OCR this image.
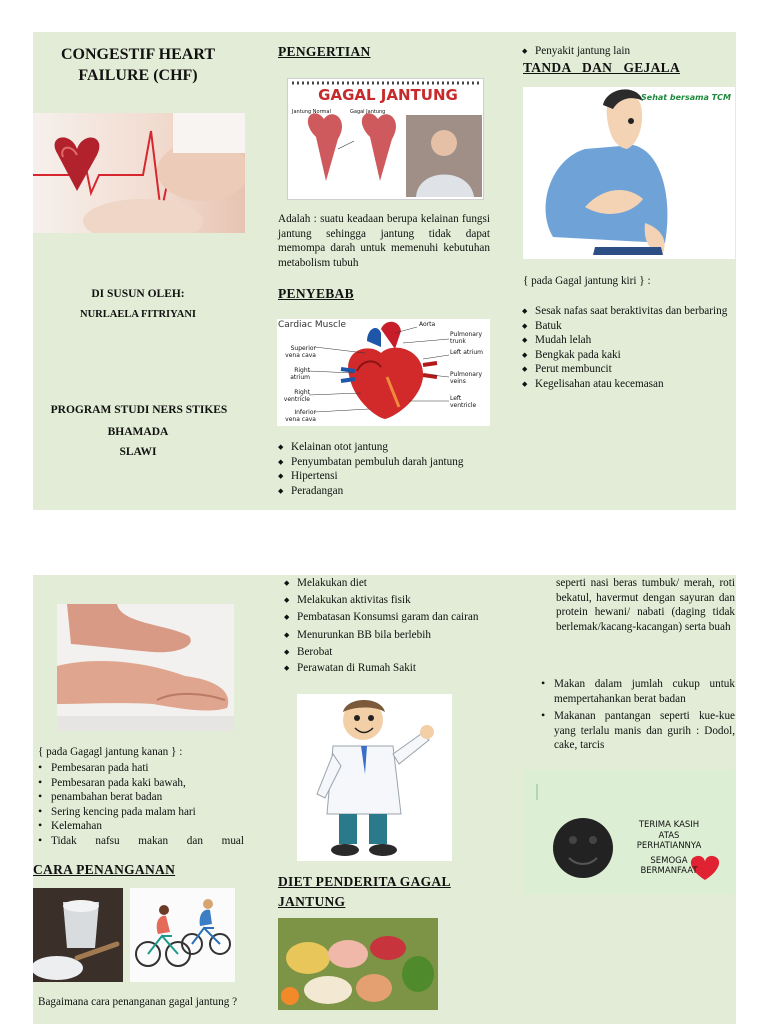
CONGESTIF HEART FAILURE (CHF)
DI SUSUN OLEH:
NURLAELA FITRIYANI
PROGRAM STUDI NERS STIKES
BHAMADA
SLAWI
PENGERTIAN
GAGAL JANTUNG
Jantung Normal	Gagal Jantung
Adalah : suatu keadaan berupa kelainan fungsi jantung sehingga jantung tidak dapat memompa darah untuk memenuhi kebutuhan metabolism tubuh
PENYEBAB
Cardiac Muscle	Aorta
Pulmonary trunk
Left atrium
Pulmonary veins
Left ventricle
Superior vena cava
Right atrium
Right ventricle
Inferior vena cava
◆ Kelainan otot jantung
◆ Penyumbatan pembuluh darah jantung
◆ Hipertensi
◆ Peradangan
◆ Penyakit jantung lain
TANDA DAN GEJALA
Sehat bersama TCM
{ pada Gagal jantung kiri } :
◆ Sesak nafas saat beraktivitas dan berbaring
◆ Batuk
◆ Mudah lelah
◆ Bengkak pada kaki
◆ Perut membuncit
◆ Kegelisahan atau kecemasan
{ pada Gagagl jantung kanan } :
• Pembesaran pada hati
• Pembesaran pada kaki bawah,
• penambahan berat badan
• Sering kencing pada malam hari
• Kelemahan
• Tidak nafsu makan dan mual
CARA PENANGANAN
Bagaimana cara penanganan gagal jantung ?
◆ Melakukan diet
◆ Melakukan aktivitas fisik
◆ Pembatasan Konsumsi garam dan cairan
◆ Menurunkan BB bila berlebih
◆ Berobat
◆ Perawatan di Rumah Sakit
DIET PENDERITA GAGAL JANTUNG
seperti nasi beras tumbuk/ merah, roti bekatul, havermut dengan sayuran dan protein hewani/ nabati (daging tidak berlemak/kacang-kacangan) serta buah
• Makan dalam jumlah cukup untuk mempertahankan berat badan
• Makanan pantangan seperti kue-kue yang terlalu manis dan gurih : Dodol, cake, tarcis
TERIMA KASIH
ATAS
PERHATIANNYA
SEMOGA
BERMANFAAT
